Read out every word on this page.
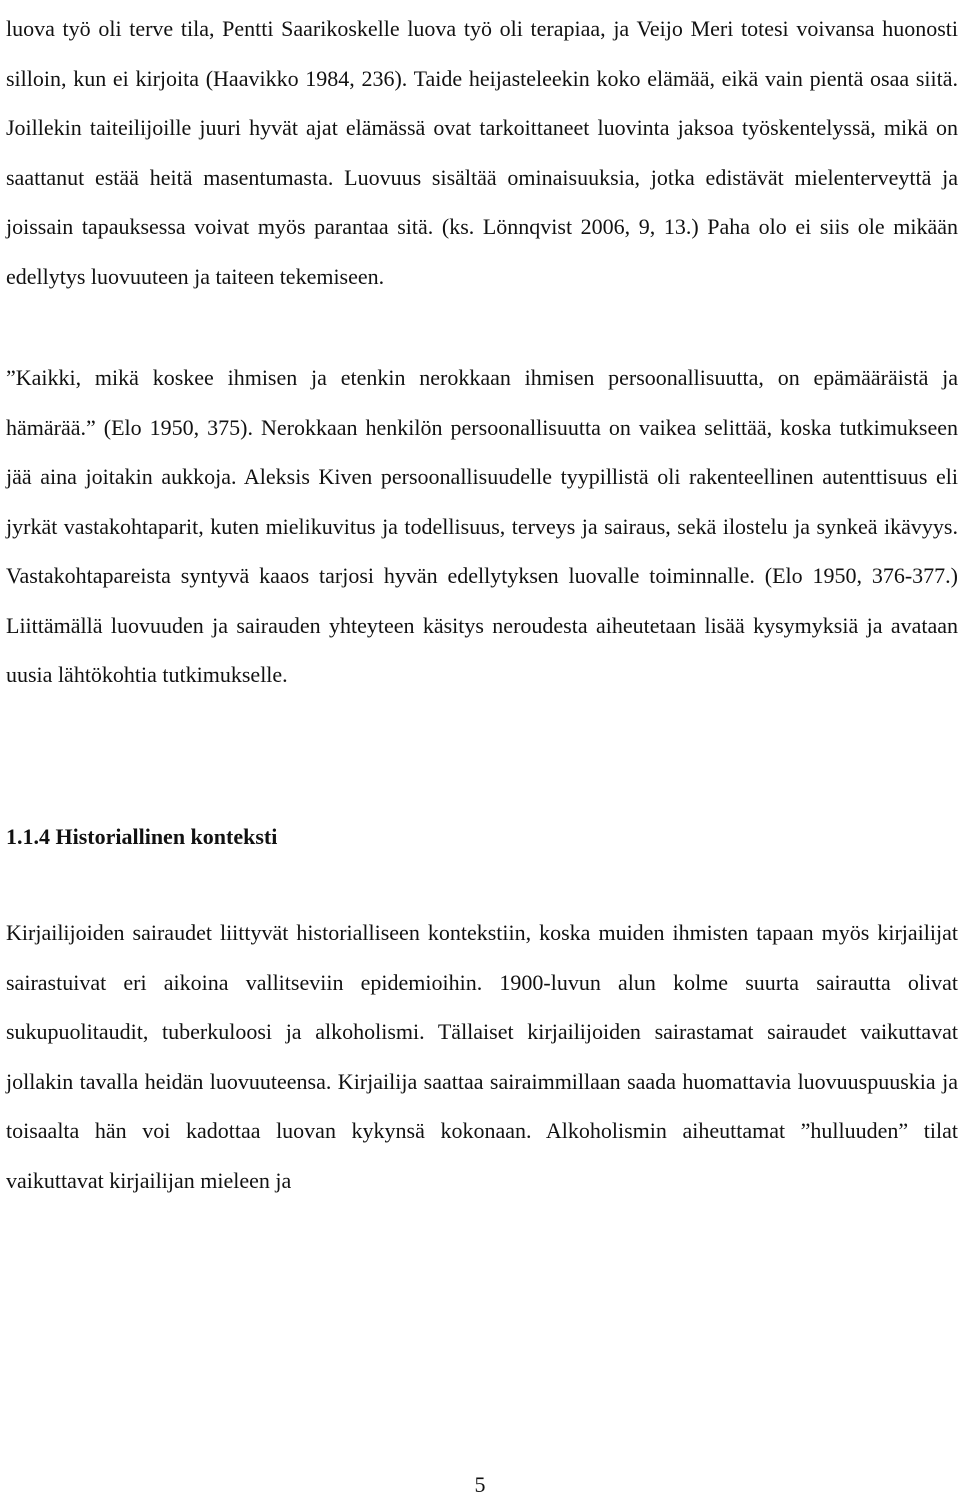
luova työ oli terve tila, Pentti Saarikoskelle luova työ oli terapiaa, ja Veijo Meri totesi voivansa huonosti silloin, kun ei kirjoita (Haavikko 1984, 236). Taide heijasteleekin koko elämää, eikä vain pientä osaa siitä. Joillekin taiteilijoille juuri hyvät ajat elämässä ovat tarkoittaneet luovinta jaksoa työskentelyssä, mikä on saattanut estää heitä masentumasta. Luovuus sisältää ominaisuuksia, jotka edistävät mielenterveyttä ja joissain tapauksessa voivat myös parantaa sitä. (ks. Lönnqvist 2006, 9, 13.) Paha olo ei siis ole mikään edellytys luovuuteen ja taiteen tekemiseen.

”Kaikki, mikä koskee ihmisen ja etenkin nerokkaan ihmisen persoonallisuutta, on epämääräistä ja hämärää.” (Elo 1950, 375). Nerokkaan henkilön persoonallisuutta on vaikea selittää, koska tutkimukseen jää aina joitakin aukkoja. Aleksis Kiven persoonallisuudelle tyypillistä oli rakenteellinen autenttisuus eli jyrkät vastakohtaparit, kuten mielikuvitus ja todellisuus, terveys ja sairaus, sekä ilostelu ja synkeä ikävyys. Vastakohtapareista syntyvä kaaos tarjosi hyvän edellytyksen luovalle toiminnalle. (Elo 1950, 376-377.) Liittämällä luovuuden ja sairauden yhteyteen käsitys neroudesta aiheutetaan lisää kysymyksiä ja avataan uusia lähtökohtia tutkimukselle.

1.1.4 Historiallinen konteksti

Kirjailijoiden sairaudet liittyvät historialliseen kontekstiin, koska muiden ihmisten tapaan myös kirjailijat sairastuivat eri aikoina vallitseviin epidemioihin. 1900-luvun alun kolme suurta sairautta olivat sukupuolitaudit, tuberkuloosi ja alkoholismi. Tällaiset kirjailijoiden sairastamat sairaudet vaikuttavat jollakin tavalla heidän luovuuteensa. Kirjailija saattaa sairaimmillaan saada huomattavia luovuuspuuskia ja toisaalta hän voi kadottaa luovan kykynsä kokonaan. Alkoholismin aiheuttamat ”hulluuden” tilat vaikuttavat kirjailijan mieleen ja

5
